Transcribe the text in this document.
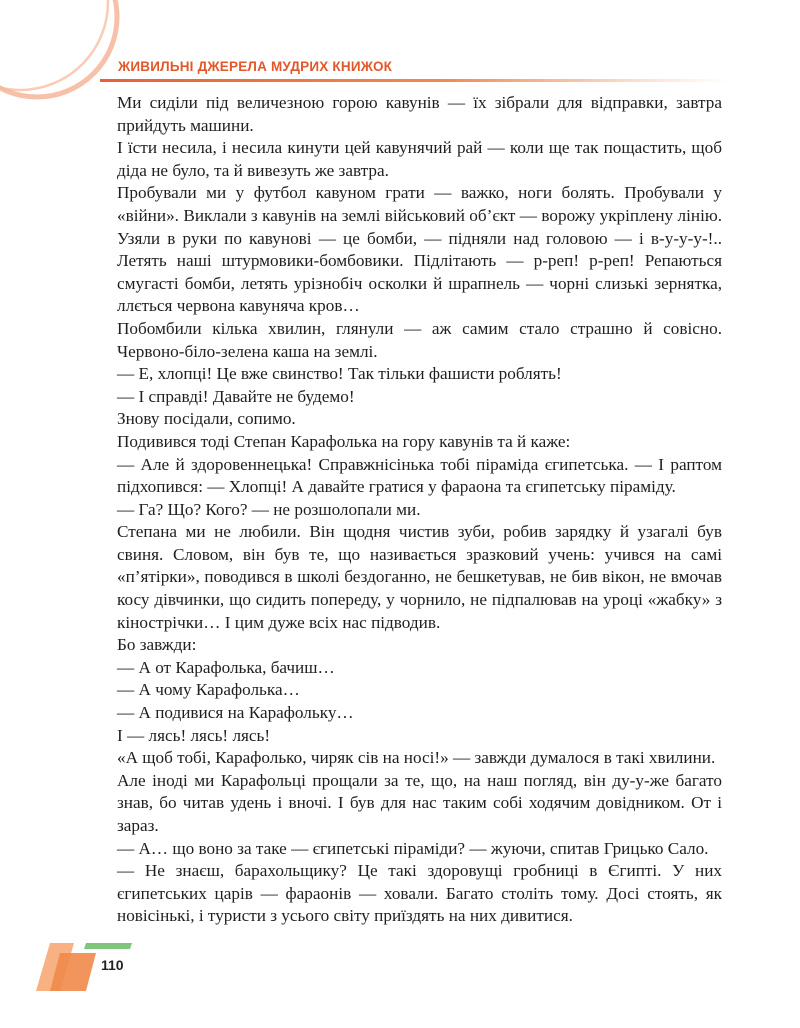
ЖИВИЛЬНІ ДЖЕРЕЛА МУДРИХ КНИЖОК

Ми сиділи під величезною горою кавунів — їх зібрали для відправки, завтра прийдуть машини.

І їсти несила, і несила кинути цей кавунячий рай — коли ще так пощастить, щоб діда не було, та й вивезуть же завтра.

Пробували ми у футбол кавуном грати — важко, ноги болять. Пробували у «війни». Виклали з кавунів на землі військовий об’єкт — ворожу укріплену лінію. Узяли в руки по кавунові — це бомби, — підняли над головою — і в-у-у-у-!.. Летять наші штурмовики-бомбовики. Підлітають — р-реп! р-реп! Репаються смугасті бомби, летять урізнобіч осколки й шрапнель — чорні слизькі зернятка, ллється червона кавуняча кров…

Побомбили кілька хвилин, глянули — аж самим стало страшно й совісно. Червоно-біло-зелена каша на землі.

— Е, хлопці! Це вже свинство! Так тільки фашисти роблять!

— І справді! Давайте не будемо!

Знову посідали, сопимо.

Подивився тоді Степан Карафолька на гору кавунів та й каже:

— Але й здоровеннецька! Справжнісінька тобі піраміда єгипетська. — І раптом підхопився: — Хлопці! А давайте гратися у фараона та єгипетську піраміду.

— Га? Що? Кого? — не розшолопали ми.

Степана ми не любили. Він щодня чистив зуби, робив зарядку й узагалі був свиня. Словом, він був те, що називається зразковий учень: учився на самі «п’ятірки», поводився в школі бездоганно, не бешкетував, не бив вікон, не вмочав косу дівчинки, що сидить попереду, у чорнило, не підпалював на уроці «жабку» з кінострічки… І цим дуже всіх нас підводив.

Бо завжди:

— А от Карафолька, бачиш…

— А чому Карафолька…

— А подивися на Карафольку…

І — лясь! лясь! лясь!

«А щоб тобі, Карафолько, чиряк сів на носі!» — завжди думалося в такі хвилини.

Але іноді ми Карафольці прощали за те, що, на наш погляд, він ду-у-же багато знав, бо читав удень і вночі. І був для нас таким собі ходячим довідником. От і зараз.

— А… що воно за таке — єгипетські піраміди? — жуючи, спитав Грицько Сало.

— Не знаєш, барахольщику? Це такі здоровущі гробниці в Єгипті. У них єгипетських царів — фараонів — ховали. Багато століть тому. Досі стоять, як новісінькі, і туристи з усього світу приїздять на них дивитися.

110
